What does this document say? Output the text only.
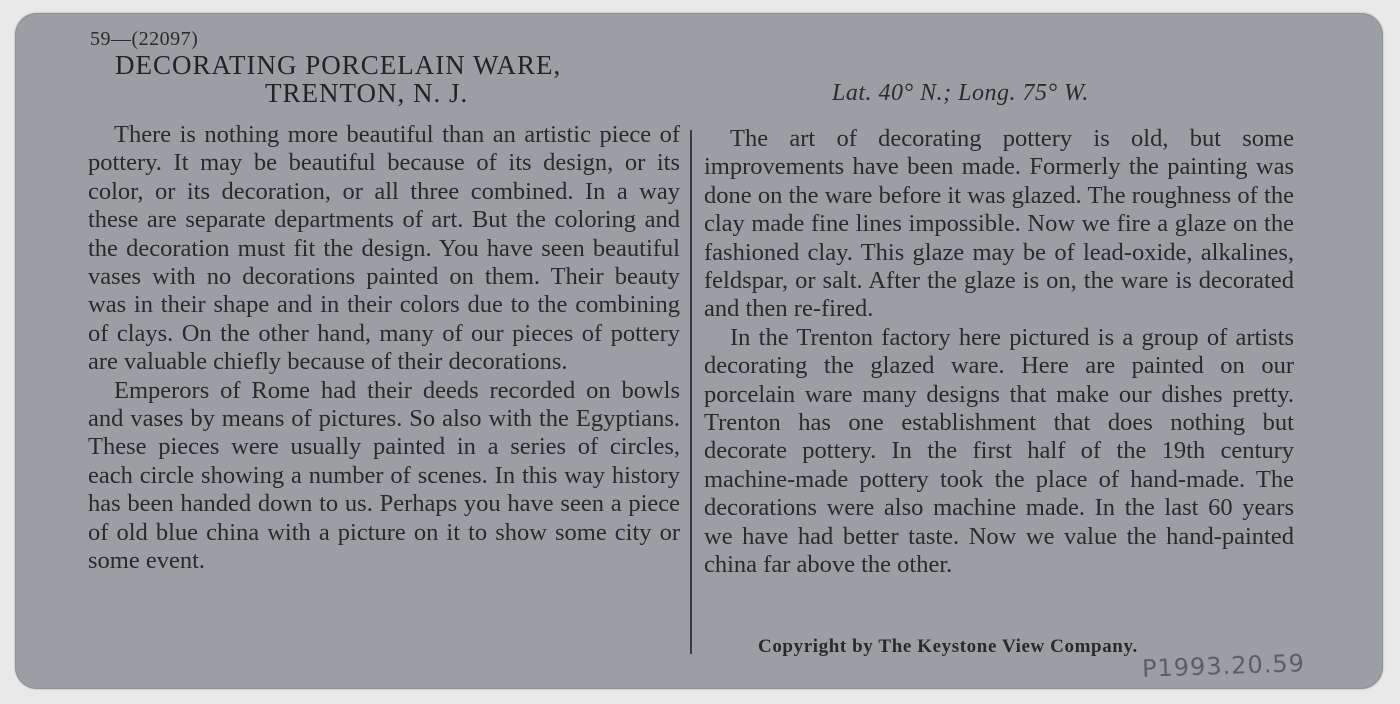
59—(22097)
DECORATING PORCELAIN WARE,
TRENTON, N. J.	Lat. 40° N.; Long. 75° W.

There is nothing more beautiful than an artistic piece of pottery. It may be beautiful because of its design, or its color, or its decoration, or all three combined. In a way these are separate departments of art. But the coloring and the decoration must fit the design. You have seen beautiful vases with no decorations painted on them. Their beauty was in their shape and in their colors due to the combining of clays. On the other hand, many of our pieces of pottery are valuable chiefly because of their decorations.

Emperors of Rome had their deeds recorded on bowls and vases by means of pictures. So also with the Egyptians. These pieces were usually painted in a series of circles, each circle showing a number of scenes. In this way history has been handed down to us. Perhaps you have seen a piece of old blue china with a picture on it to show some city or some event.

The art of decorating pottery is old, but some improvements have been made. Formerly the painting was done on the ware before it was glazed. The roughness of the clay made fine lines impossible. Now we fire a glaze on the fashioned clay. This glaze may be of lead-oxide, alkalines, feldspar, or salt. After the glaze is on, the ware is decorated and then re-fired.

In the Trenton factory here pictured is a group of artists decorating the glazed ware. Here are painted on our porcelain ware many designs that make our dishes pretty. Trenton has one establishment that does nothing but decorate pottery. In the first half of the 19th century machine-made pottery took the place of hand-made. The decorations were also machine made. In the last 60 years we have had better taste. Now we value the hand-painted china far above the other.

Copyright by The Keystone View Company.
P1993.20.59
